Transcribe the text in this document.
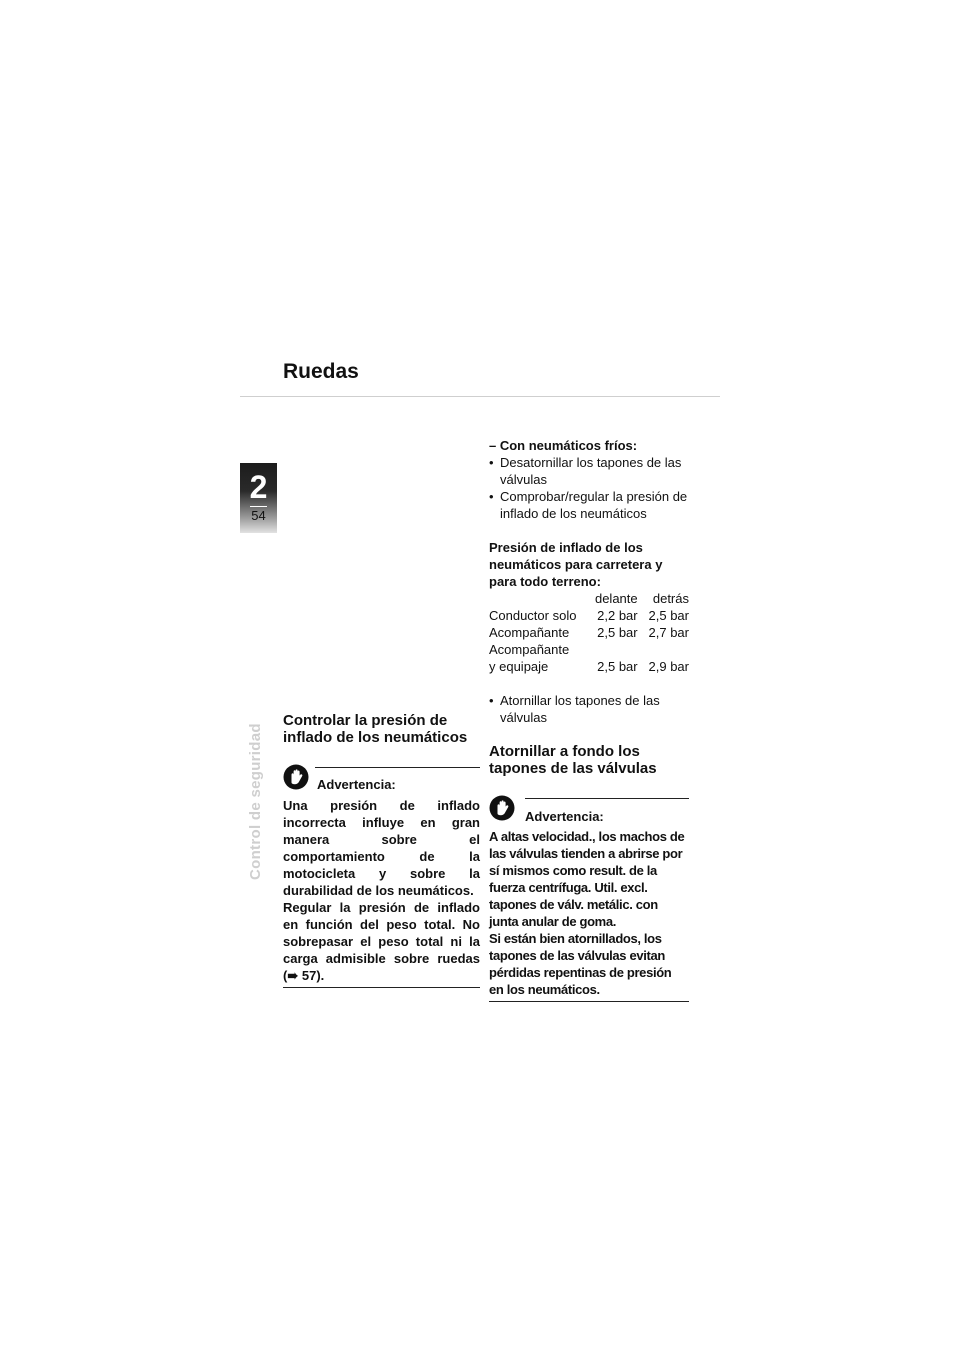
Ruedas
2
54
Control de seguridad
Controlar la presión de inflado de los neumáticos
Advertencia:

Una presión de inflado incorrecta influye en gran manera sobre el comportamiento de la motocicleta y sobre la durabilidad de los neumáticos.

Regular la presión de inflado en función del peso total. No sobrepasar el peso total ni la carga admisible sobre ruedas (➠ 57).

– Con neumáticos fríos:
• Desatornillar los tapones de las válvulas
• Comprobar/regular la presión de inflado de los neumáticos
Presión de inflado de los neumáticos para carretera y para todo terreno:
	delante	detrás
Conductor solo	2,2 bar	2,5 bar
Acompañante	2,5 bar	2,7 bar
Acompañante		
y equipaje	2,5 bar	2,9 bar
• Atornillar los tapones de las válvulas
Atornillar a fondo los tapones de las válvulas
Advertencia:

A altas velocidad., los machos de las válvulas tienden a abrirse por sí mismos como result. de la fuerza centrífuga. Util. excl. tapones de válv. metálic. con junta anular de goma.

Si están bien atornillados, los tapones de las válvulas evitan pérdidas repentinas de presión en los neumáticos.
